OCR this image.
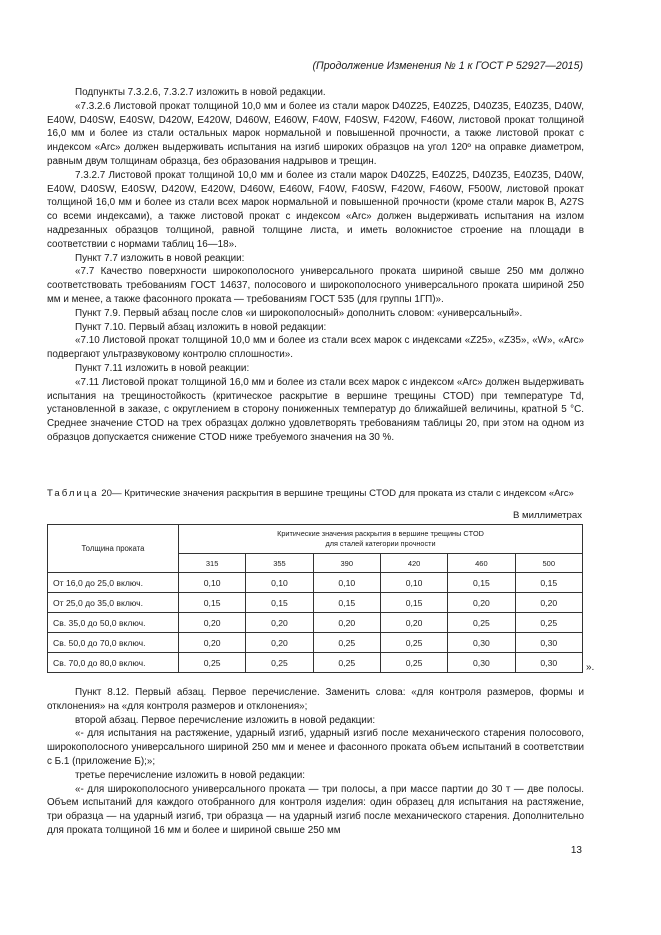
(Продолжение Изменения № 1 к ГОСТ Р 52927—2015)

Подпункты 7.3.2.6, 7.3.2.7 изложить в новой редакции.

«7.3.2.6 Листовой прокат толщиной 10,0 мм и более из стали марок D40Z25, E40Z25, D40Z35, E40Z35, D40W, E40W, D40SW, E40SW, D420W, E420W, D460W, E460W, F40W, F40SW, F420W, F460W, листовой прокат толщиной 16,0 мм и более из стали остальных марок нормальной и повышенной прочности, а также листовой прокат с индексом «Arc» должен выдерживать испытания на изгиб широких образцов на угол 120º на оправке диаметром, равным двум толщинам образца, без образования надрывов и трещин.

7.3.2.7 Листовой прокат толщиной 10,0 мм и более из стали марок D40Z25, E40Z25, D40Z35, E40Z35, D40W, E40W, D40SW, E40SW, D420W, E420W, D460W, E460W, F40W, F40SW, F420W, F460W, F500W, листовой прокат толщиной 16,0 мм и более из стали всех марок нормальной и повышенной прочности (кроме стали марок В, A27S со всеми индексами), а также листовой прокат с индексом «Arc» должен выдерживать испытания на излом надрезанных образцов толщиной, равной толщине листа, и иметь волокнистое строение на площади в соответствии с нормами таблиц 16—18».

Пункт 7.7 изложить в новой реакции:

«7.7 Качество поверхности широкополосного универсального проката шириной свыше 250 мм должно соответствовать требованиям ГОСТ 14637, полосового и широкополосного универсального проката шириной 250 мм и менее, а также фасонного проката — требованиям ГОСТ 535 (для группы 1ГП)».

Пункт 7.9. Первый абзац после слов «и широкополосный» дополнить словом: «универсальный».

Пункт 7.10. Первый абзац изложить в новой редакции:

«7.10 Листовой прокат толщиной 10,0 мм и более из стали всех марок с индексами «Z25», «Z35», «W», «Arc» подвергают ультразвуковому контролю сплошности».

Пункт 7.11 изложить в новой реакции:

«7.11 Листовой прокат толщиной 16,0 мм и более из стали всех марок с индексом «Arc» должен выдерживать испытания на трещиностойкость (критическое раскрытие в вершине трещины CTOD) при температуре Td, установленной в заказе, с округлением в сторону пониженных температур до ближайшей величины, кратной 5 °С. Среднее значение CTOD на трех образцах должно удовлетворять требованиям таблицы 20, при этом на одном из образцов допускается снижение CTOD ниже требуемого значения на 30 %.

Таблица 20— Критические значения раскрытия в вершине трещины CTOD для проката из стали с индексом «Arc»
В миллиметрах
Толщина проката	Критические значения раскрытия в вершине трещины CTOD
для сталей категории прочности					

	315	355	390	420	460	500
От 16,0 до 25,0 включ.	0,10	0,10	0,10	0,10	0,15	0,15
От 25,0 до 35,0 включ.	0,15	0,15	0,15	0,15	0,20	0,20
Св. 35,0 до 50,0 включ.	0,20	0,20	0,20	0,20	0,25	0,25
Св. 50,0 до 70,0 включ.	0,20	0,20	0,25	0,25	0,30	0,30
Св. 70,0 до 80,0 включ.	0,25	0,25	0,25	0,25	0,30	0,30	».

Пункт 8.12. Первый абзац. Первое перечисление. Заменить слова: «для контроля размеров, формы и отклонения» на «для контроля размеров и отклонения»;

второй абзац. Первое перечисление изложить в новой редакции:

«- для испытания на растяжение, ударный изгиб, ударный изгиб после механического старения полосового, широкополосного универсального шириной 250 мм и менее и фасонного проката объем испытаний в соответствии с Б.1 (приложение Б);»;

третье перечисление изложить в новой редакции:

«- для широкополосного универсального проката — три полосы, а при массе партии до 30 т — две полосы. Объем испытаний для каждого отобранного для контроля изделия: один образец для испытания на растяжение, три образца — на ударный изгиб, три образца — на ударный изгиб после механического старения. Дополнительно для проката толщиной 16 мм и более и шириной свыше 250 мм

13
